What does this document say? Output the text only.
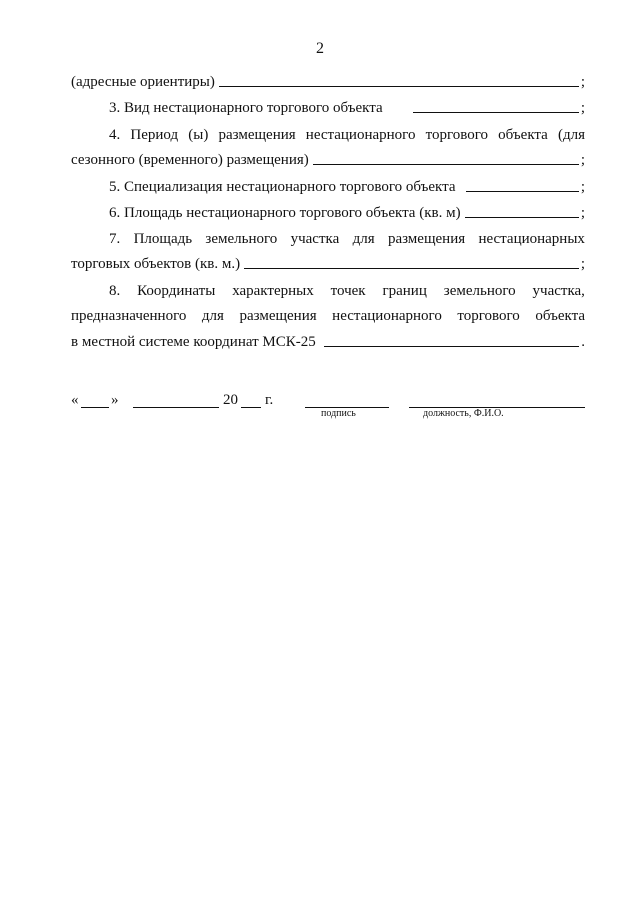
2
(адресные ориентиры)	;
3. Вид нестационарного торгового объекта	;
4. Период (ы) размещения нестационарного торгового объекта (для
сезонного (временного) размещения)	;
5. Специализация нестационарного торгового объекта	;
6. Площадь нестационарного торгового объекта (кв. м)	;
7. Площадь земельного участка для размещения нестационарных
торговых объектов (кв. м.)	;
8. Координаты характерных точек границ земельного участка,
предназначенного для размещения нестационарного торгового объекта
в местной системе координат МСК-25	.
« »	20 г.
подпись	должность, Ф.И.О.
